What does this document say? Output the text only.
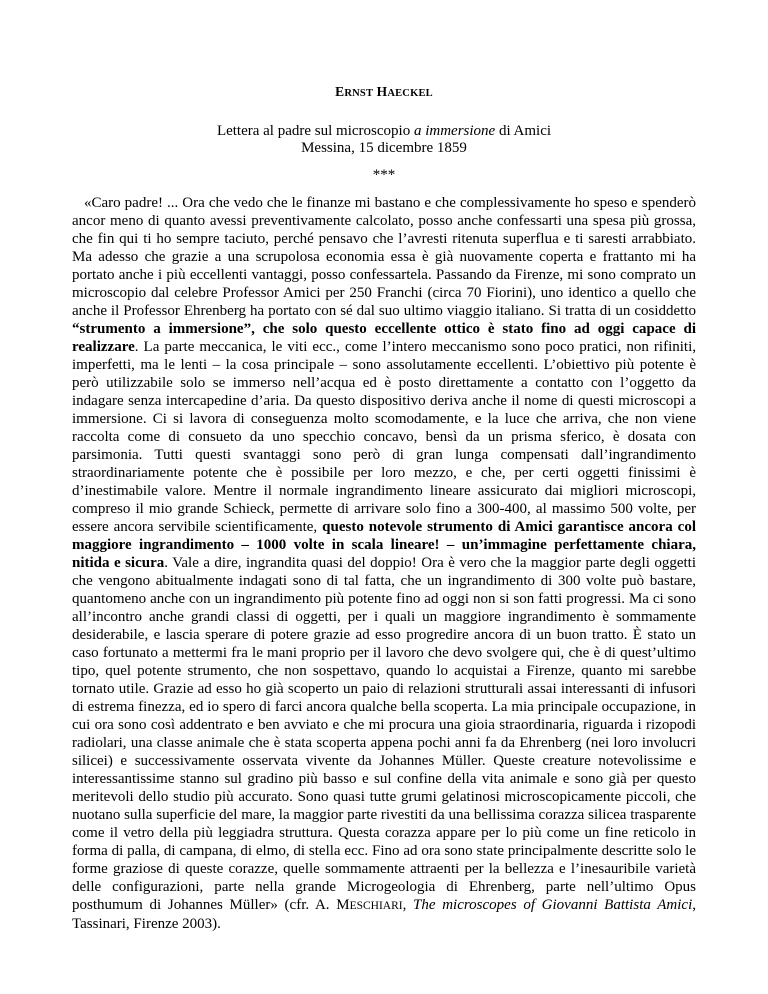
ERNST HAECKEL
Lettera al padre sul microscopio a immersione di Amici
Messina, 15 dicembre 1859
***
«Caro padre! ... Ora che vedo che le finanze mi bastano e che complessivamente ho speso e spenderò ancor meno di quanto avessi preventivamente calcolato, posso anche confessarti una spesa più grossa, che fin qui ti ho sempre taciuto, perché pensavo che l’avresti ritenuta superflua e ti saresti arrabbiato. Ma adesso che grazie a una scrupolosa economia essa è già nuovamente coperta e frattanto mi ha portato anche i più eccellenti vantaggi, posso confessartela. Passando da Firenze, mi sono comprato un microscopio dal celebre Professor Amici per 250 Franchi (circa 70 Fiorini), uno identico a quello che anche il Professor Ehrenberg ha portato con sé dal suo ultimo viaggio italiano. Si tratta di un cosiddetto “strumento a immersione”, che solo questo eccellente ottico è stato fino ad oggi capace di realizzare. La parte meccanica, le viti ecc., come l’intero meccanismo sono poco pratici, non rifiniti, imperfetti, ma le lenti – la cosa principale – sono assolutamente eccellenti. L’obiettivo più potente è però utilizzabile solo se immerso nell’acqua ed è posto direttamente a contatto con l’oggetto da indagare senza intercapedine d’aria. Da questo dispositivo deriva anche il nome di questi microscopi a immersione. Ci si lavora di conseguenza molto scomodamente, e la luce che arriva, che non viene raccolta come di consueto da uno specchio concavo, bensì da un prisma sferico, è dosata con parsimonia. Tutti questi svantaggi sono però di gran lunga compensati dall’ingrandimento straordinariamente potente che è possibile per loro mezzo, e che, per certi oggetti finissimi è d’inestimabile valore. Mentre il normale ingrandimento lineare assicurato dai migliori microscopi, compreso il mio grande Schieck, permette di arrivare solo fino a 300-400, al massimo 500 volte, per essere ancora servibile scientificamente, questo notevole strumento di Amici garantisce ancora col maggiore ingrandimento – 1000 volte in scala lineare! – un’immagine perfettamente chiara, nitida e sicura. Vale a dire, ingrandita quasi del doppio! Ora è vero che la maggior parte degli oggetti che vengono abitualmente indagati sono di tal fatta, che un ingrandimento di 300 volte può bastare, quantomeno anche con un ingrandimento più potente fino ad oggi non si son fatti progressi. Ma ci sono all’incontro anche grandi classi di oggetti, per i quali un maggiore ingrandimento è sommamente desiderabile, e lascia sperare di potere grazie ad esso progredire ancora di un buon tratto. È stato un caso fortunato a mettermi fra le mani proprio per il lavoro che devo svolgere qui, che è di quest’ultimo tipo, quel potente strumento, che non sospettavo, quando lo acquistai a Firenze, quanto mi sarebbe tornato utile. Grazie ad esso ho già scoperto un paio di relazioni strutturali assai interessanti di infusori di estrema finezza, ed io spero di farci ancora qualche bella scoperta. La mia principale occupazione, in cui ora sono così addentrato e ben avviato e che mi procura una gioia straordinaria, riguarda i rizopodi radiolari, una classe animale che è stata scoperta appena pochi anni fa da Ehrenberg (nei loro involucri silicei) e successivamente osservata vivente da Johannes Müller. Queste creature notevolissime e interessantissime stanno sul gradino più basso e sul confine della vita animale e sono già per questo meritevoli dello studio più accurato. Sono quasi tutte grumi gelatinosi microscopicamente piccoli, che nuotano sulla superficie del mare, la maggior parte rivestiti da una bellissima corazza silicea trasparente come il vetro della più leggiadra struttura. Questa corazza appare per lo più come un fine reticolo in forma di palla, di campana, di elmo, di stella ecc. Fino ad ora sono state principalmente descritte solo le forme graziose di queste corazze, quelle sommamente attraenti per la bellezza e l’inesauribile varietà delle configurazioni, parte nella grande Microgeologia di Ehrenberg, parte nell’ultimo Opus posthumum di Johannes Müller» (cfr. A. MESCHIARI, The microscopes of Giovanni Battista Amici, Tassinari, Firenze 2003).
